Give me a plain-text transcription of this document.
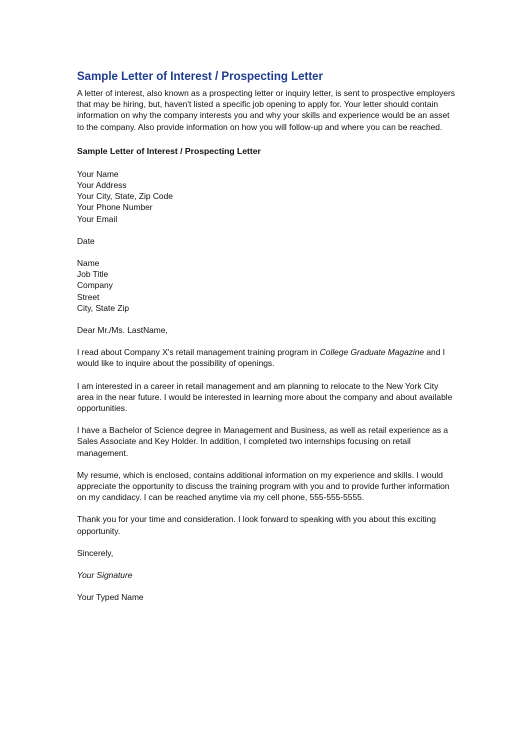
Sample Letter of Interest / Prospecting Letter

A letter of interest, also known as a prospecting letter or inquiry letter, is sent to prospective employers that may be hiring, but, haven't listed a specific job opening to apply for. Your letter should contain information on why the company interests you and why your skills and experience would be an asset to the company. Also provide information on how you will follow-up and where you can be reached.

Sample Letter of Interest / Prospecting Letter
Your Name
Your Address
Your City, State, Zip Code
Your Phone Number
Your Email
Date
Name
Job Title
Company
Street
City, State Zip
Dear Mr./Ms. LastName,

I read about Company X's retail management training program in College Graduate Magazine and I would like to inquire about the possibility of openings.

I am interested in a career in retail management and am planning to relocate to the New York City area in the near future. I would be interested in learning more about the company and about available opportunities.

I have a Bachelor of Science degree in Management and Business, as well as retail experience as a Sales Associate and Key Holder. In addition, I completed two internships focusing on retail management.

My resume, which is enclosed, contains additional information on my experience and skills. I would appreciate the opportunity to discuss the training program with you and to provide further information on my candidacy. I can be reached anytime via my cell phone, 555-555-5555.

Thank you for your time and consideration. I look forward to speaking with you about this exciting opportunity.

Sincerely,
Your Signature
Your Typed Name
